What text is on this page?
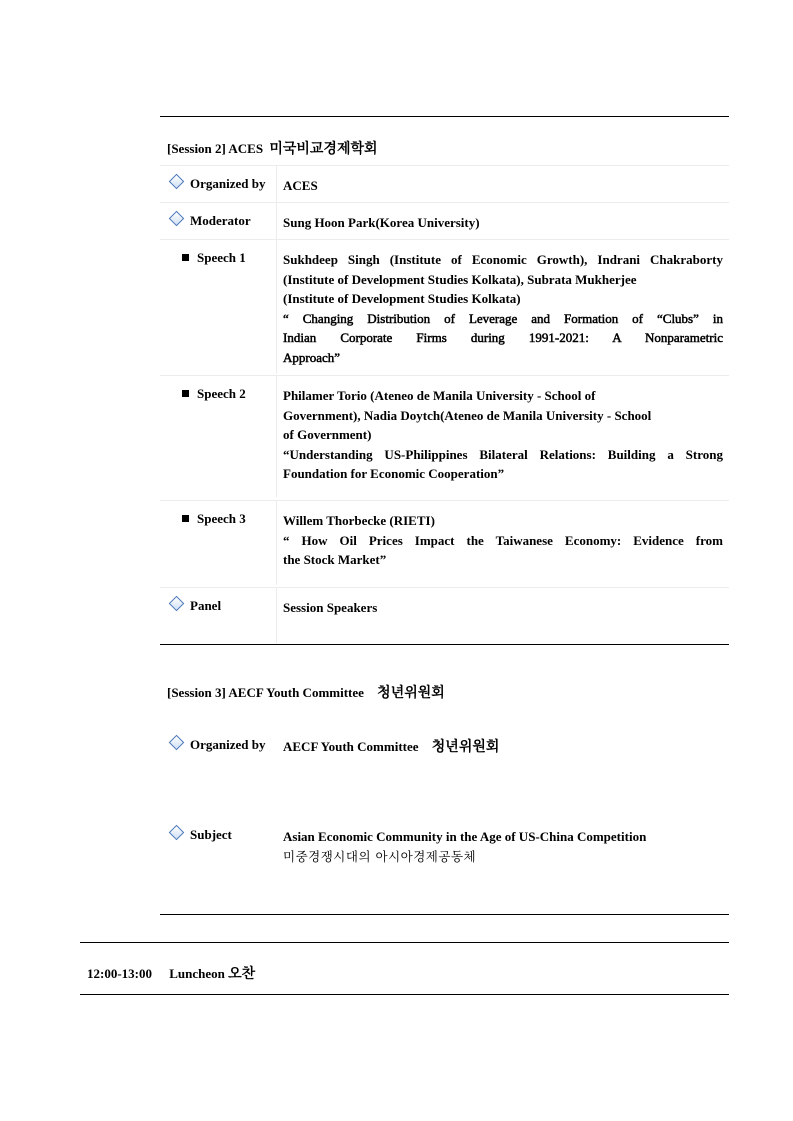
[Session 2] ACES 미국비교경제학회
Organized by	ACES
Moderator	Sung Hoon Park(Korea University)
Speech 1	Sukhdeep Singh (Institute of Economic Growth), Indrani Chakraborty
(Institute of Development Studies Kolkata), Subrata Mukherjee
(Institute of Development Studies Kolkata)
“ Changing Distribution of Leverage and Formation of “Clubs” in
Indian Corporate Firms during 1991-2021: A Nonparametric
Approach”
Speech 2	Philamer Torio (Ateneo de Manila University - School of
Government), Nadia Doytch(Ateneo de Manila University - School
of Government)
“Understanding US-Philippines Bilateral Relations: Building a Strong
Foundation for Economic Cooperation”
Speech 3	Willem Thorbecke (RIETI)
“ How Oil Prices Impact the Taiwanese Economy: Evidence from
the Stock Market”
Panel	Session Speakers
[Session 3] AECF Youth Committee 청년위원회
Organized by	AECF Youth Committee 청년위원회
Subject	Asian Economic Community in the Age of US-China Competition
미중경쟁시대의 아시아경제공동체
12:00-13:00 Luncheon 오찬
